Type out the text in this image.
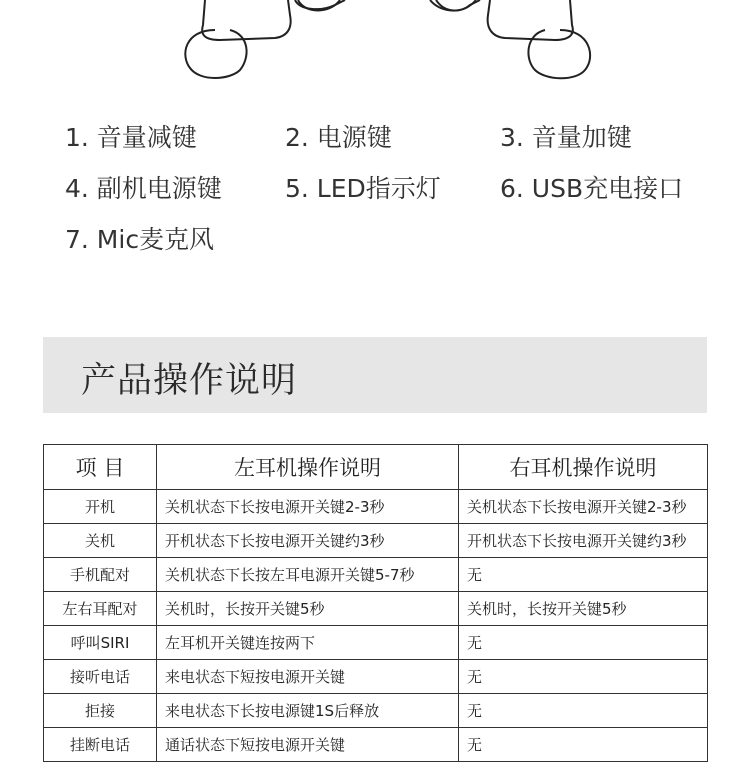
1. 音量减键	2. 电源键	3. 音量加键
4. 副机电源键	5. LED指示灯 6. USB充电接口
7. Mic麦克风
产品操作说明
项 目	左耳机操作说明	右耳机操作说明
开机	关机状态下长按电源开关键2-3秒	关机状态下长按电源开关键2-3秒
关机	开机状态下长按电源开关键约3秒	开机状态下长按电源开关键约3秒
手机配对	关机状态下长按左耳电源开关键5-7秒	无
左右耳配对	关机时，长按开关键5秒	关机时，长按开关键5秒
呼叫SIRI	左耳机开关键连按两下	无
接听电话	来电状态下短按电源开关键	无
拒接	来电状态下长按电源键1S后释放	无
挂断电话	通话状态下短按电源开关键	无
